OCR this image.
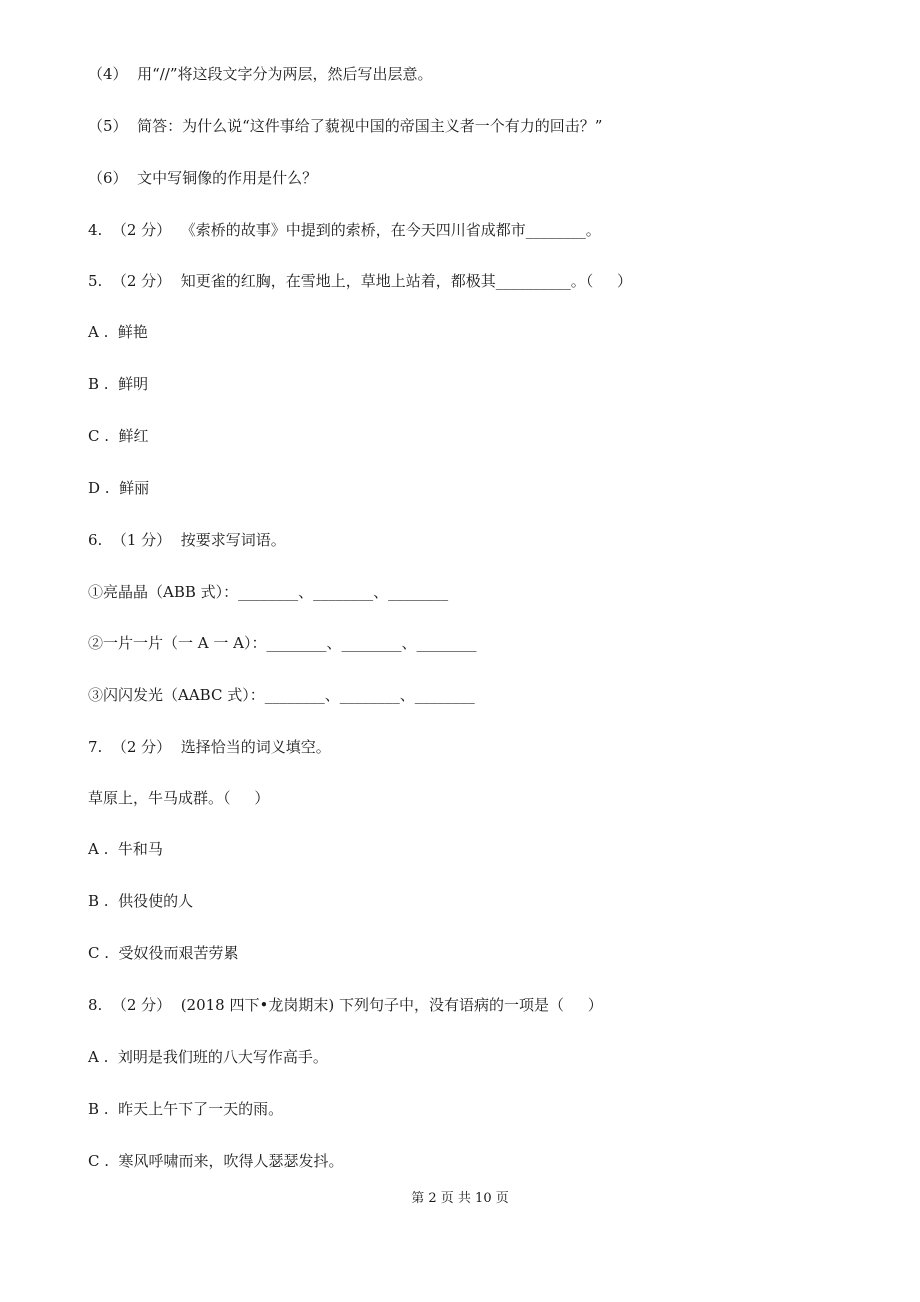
（4）  用“//”将这段文字分为两层，然后写出层意。
（5）  简答：为什么说“这件事给了藐视中国的帝国主义者一个有力的回击？”
（6）  文中写铜像的作用是什么？
4.  （2 分）  《索桥的故事》中提到的索桥，在今天四川省成都市________。
5.  （2 分）  知更雀的红胸，在雪地上，草地上站着，都极其__________。（     ）
A .  鲜艳
B .  鲜明
C .  鲜红
D .  鲜丽
6.  （1 分）  按要求写词语。
①亮晶晶（ABB 式）：________、________、________
②一片一片（一 A 一 A）：________、________、________
③闪闪发光（AABC 式）：________、________、________
7.  （2 分）  选择恰当的词义填空。
草原上，牛马成群。（     ）
A .  牛和马
B .  供役使的人
C .  受奴役而艰苦劳累
8.  （2 分）  (2018 四下•龙岗期末) 下列句子中，没有语病的一项是（     ）
A .  刘明是我们班的八大写作高手。
B .  昨天上午下了一天的雨。
C .  寒风呼啸而来，吹得人瑟瑟发抖。
第 2 页 共 10 页
